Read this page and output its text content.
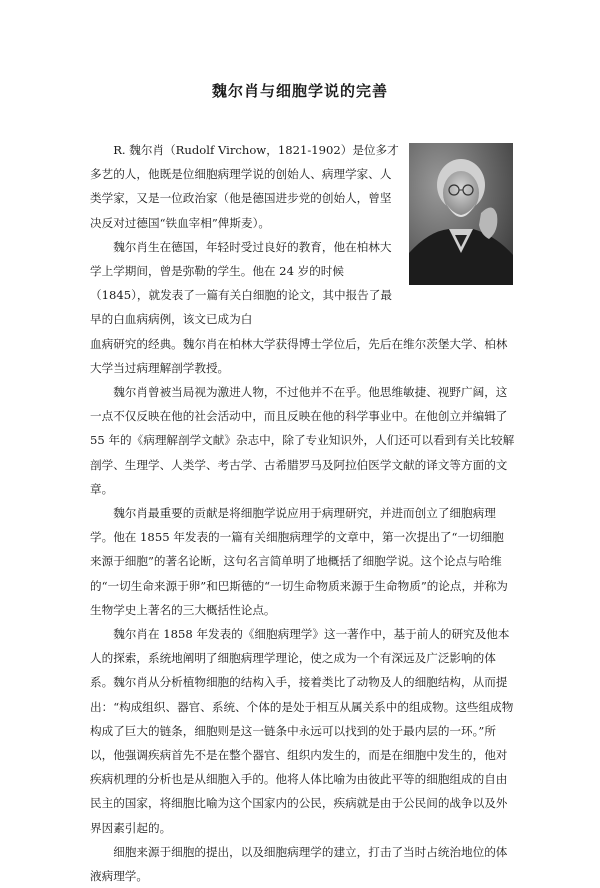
魏尔肖与细胞学说的完善

R. 魏尔肖（Rudolf Virchow，1821-1902）是位多才多艺的人，他既是位细胞病理学说的创始人、病理学家、人类学家，又是一位政治家（他是德国进步党的创始人，曾坚决反对过德国“铁血宰相”俾斯麦）。

魏尔肖生在德国，年轻时受过良好的教育，他在柏林大学上学期间，曾是弥勒的学生。他在 24 岁的时候（1845），就发表了一篇有关白细胞的论文，其中报告了最早的白血病病例，该文已成为白

血病研究的经典。魏尔肖在柏林大学获得博士学位后，先后在维尔茨堡大学、柏林大学当过病理解剖学教授。

魏尔肖曾被当局视为激进人物，不过他并不在乎。他思维敏捷、视野广阔，这一点不仅反映在他的社会活动中，而且反映在他的科学事业中。在他创立并编辑了 55 年的《病理解剖学文献》杂志中，除了专业知识外，人们还可以看到有关比较解剖学、生理学、人类学、考古学、古希腊罗马及阿拉伯医学文献的译文等方面的文章。

魏尔肖最重要的贡献是将细胞学说应用于病理研究，并进而创立了细胞病理学。他在 1855 年发表的一篇有关细胞病理学的文章中，第一次提出了“一切细胞来源于细胞”的著名论断，这句名言简单明了地概括了细胞学说。这个论点与哈维的“一切生命来源于卵”和巴斯德的“一切生命物质来源于生命物质”的论点，并称为生物学史上著名的三大概括性论点。

魏尔肖在 1858 年发表的《细胞病理学》这一著作中，基于前人的研究及他本人的探索，系统地阐明了细胞病理学理论，使之成为一个有深远及广泛影响的体系。魏尔肖从分析植物细胞的结构入手，接着类比了动物及人的细胞结构，从而提出：“构成组织、器官、系统、个体的是处于相互从属关系中的组成物。这些组成物构成了巨大的链条，细胞则是这一链条中永远可以找到的处于最内层的一环。”所以，他强调疾病首先不是在整个器官、组织内发生的，而是在细胞中发生的，他对疾病机理的分析也是从细胞入手的。他将人体比喻为由彼此平等的细胞组成的自由民主的国家，将细胞比喻为这个国家内的公民，疾病就是由于公民间的战争以及外界因素引起的。

细胞来源于细胞的提出，以及细胞病理学的建立，打击了当时占统治地位的体液病理学。
